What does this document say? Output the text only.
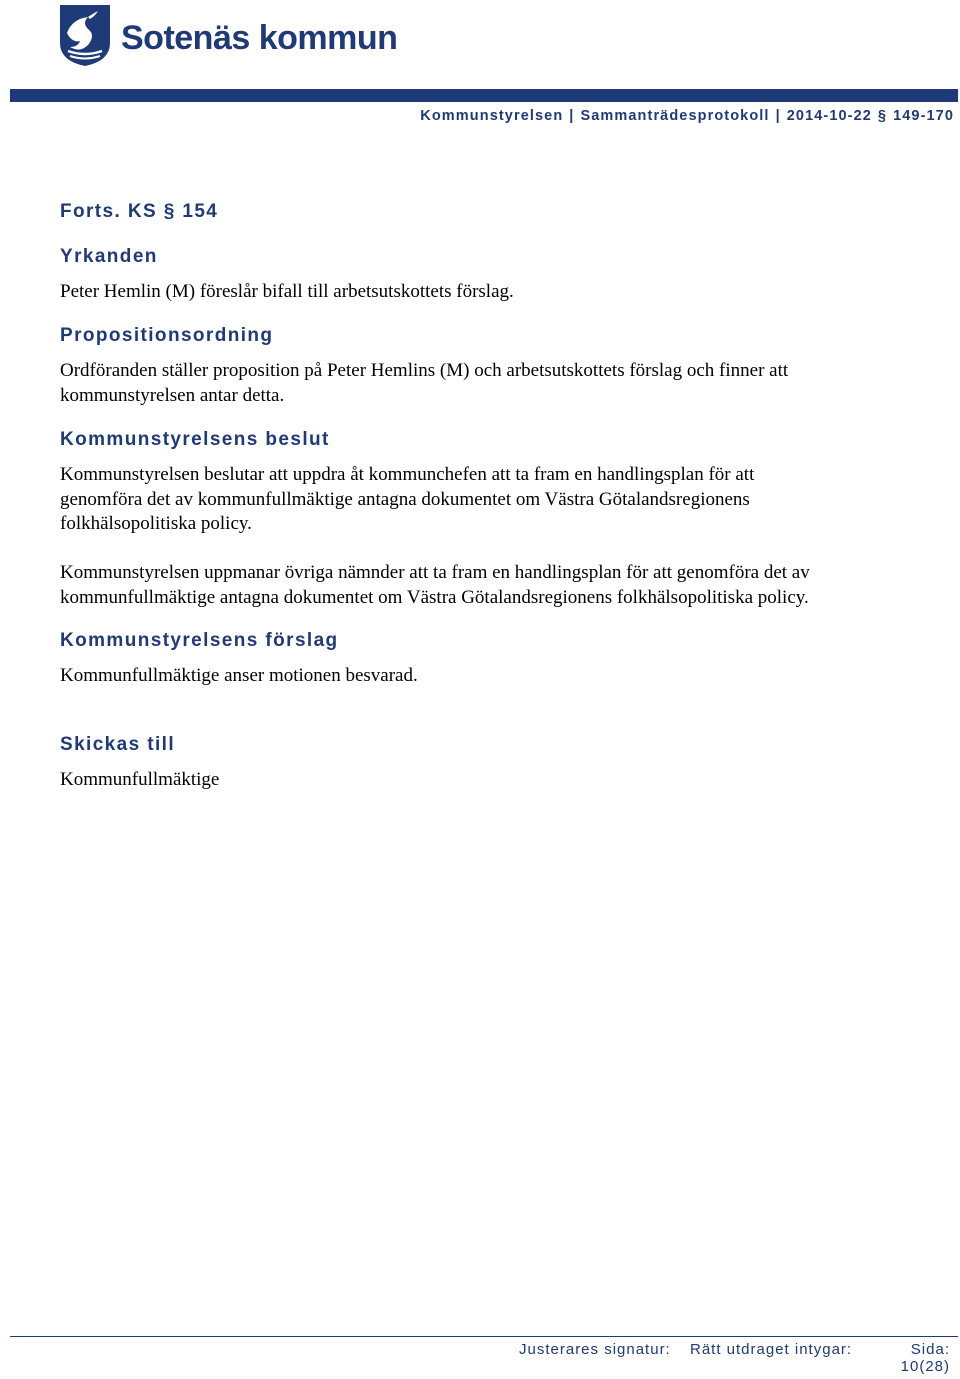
Sotenäs kommun
Kommunstyrelsen | Sammanträdesprotokoll | 2014-10-22 § 149-170
Forts. KS § 154
Yrkanden
Peter Hemlin (M) föreslår bifall till arbetsutskottets förslag.
Propositionsordning
Ordföranden ställer proposition på Peter Hemlins (M) och arbetsutskottets förslag och finner att
kommunstyrelsen antar detta.
Kommunstyrelsens beslut
Kommunstyrelsen beslutar att uppdra åt kommunchefen att ta fram en handlingsplan för att
genomföra det av kommunfullmäktige antagna dokumentet om Västra Götalandsregionens
folkhälsopolitiska policy.
Kommunstyrelsen uppmanar övriga nämnder att ta fram en handlingsplan för att genomföra det av
kommunfullmäktige antagna dokumentet om Västra Götalandsregionens folkhälsopolitiska policy.
Kommunstyrelsens förslag
Kommunfullmäktige anser motionen besvarad.
Skickas till
Kommunfullmäktige
Justerares signatur: Rätt utdraget intygar:	Sida:
10(28)
